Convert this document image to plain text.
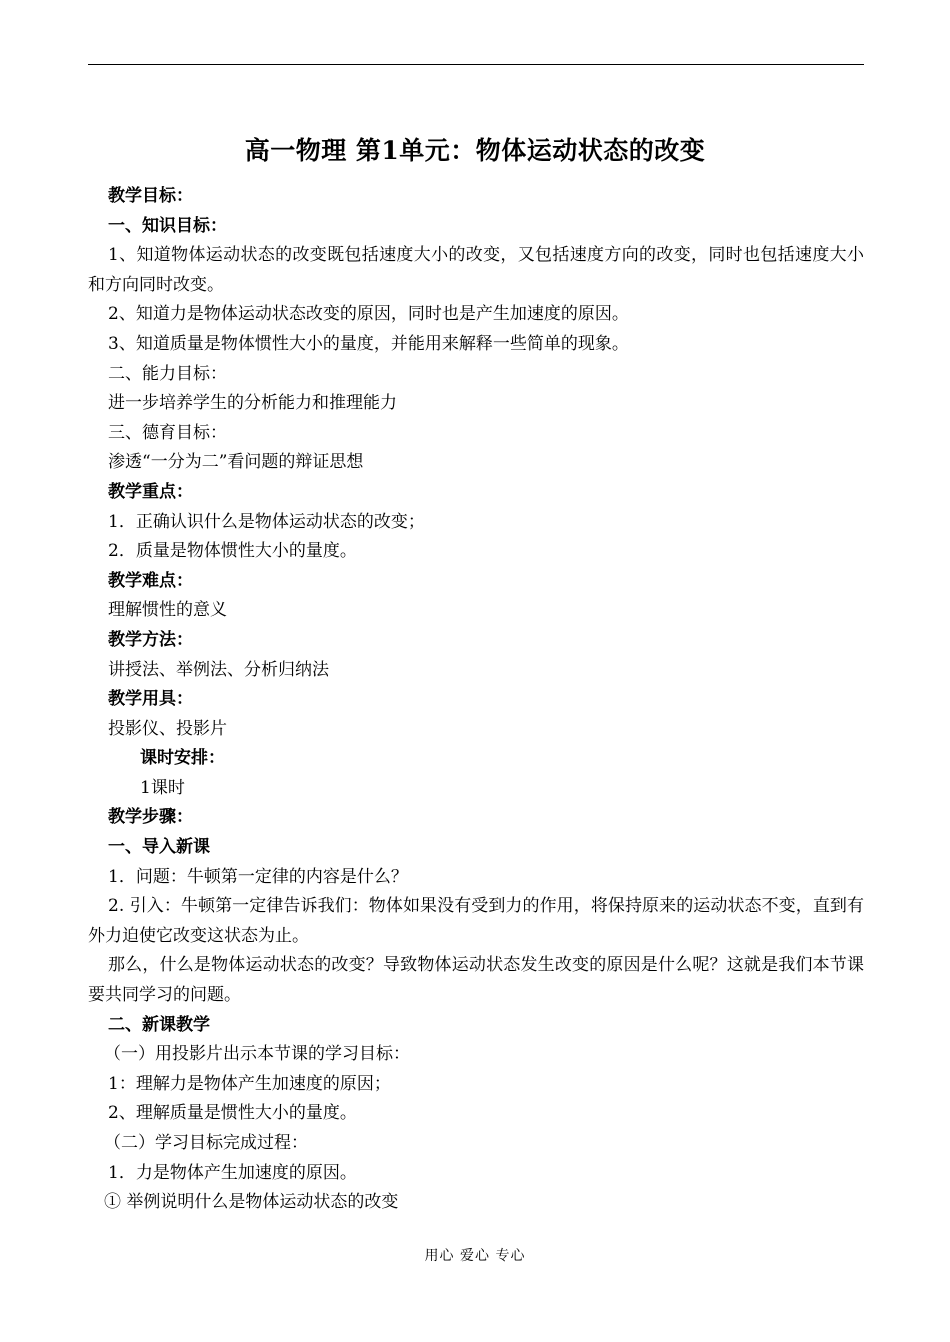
高一物理 第1单元：物体运动状态的改变

教学目标：

一、知识目标：

1、知道物体运动状态的改变既包括速度大小的改变，又包括速度方向的改变，同时也包括速度大小和方向同时改变。

2、知道力是物体运动状态改变的原因，同时也是产生加速度的原因。

3、知道质量是物体惯性大小的量度，并能用来解释一些简单的现象。

二、能力目标：

进一步培养学生的分析能力和推理能力

三、德育目标：

渗透“一分为二”看问题的辩证思想

教学重点：

1．正确认识什么是物体运动状态的改变；

2．质量是物体惯性大小的量度。

教学难点：

理解惯性的意义

教学方法：

讲授法、举例法、分析归纳法

教学用具：

投影仪、投影片

课时安排：

1课时

教学步骤：

一、导入新课

1．问题：牛顿第一定律的内容是什么？

2. 引入：牛顿第一定律告诉我们：物体如果没有受到力的作用，将保持原来的运动状态不变，直到有外力迫使它改变这状态为止。

那么，什么是物体运动状态的改变？导致物体运动状态发生改变的原因是什么呢？这就是我们本节课要共同学习的问题。

二、新课教学

（一）用投影片出示本节课的学习目标：

1：理解力是物体产生加速度的原因；

2、理解质量是惯性大小的量度。

（二）学习目标完成过程：

1．力是物体产生加速度的原因。

① 举例说明什么是物体运动状态的改变

用心 爱心 专心
